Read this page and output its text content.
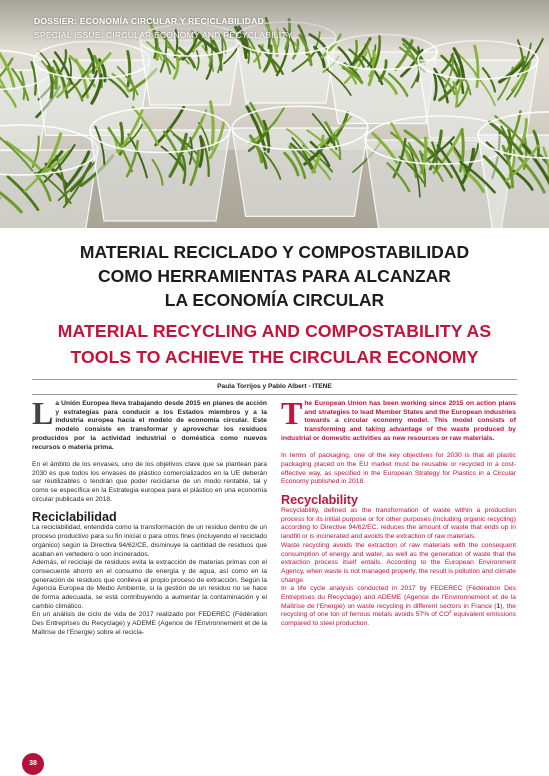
DOSSIER: ECONOMÍA CIRCULAR Y RECICLABILIDAD
SPECIAL ISSUE: CIRCULAR ECONOMY AND RECYCLABILITY
MATERIAL RECICLADO Y COMPOSTABILIDAD
COMO HERRAMIENTAS PARA ALCANZAR
LA ECONOMÍA CIRCULAR
MATERIAL RECYCLING AND COMPOSTABILITY AS
TOOLS TO ACHIEVE THE CIRCULAR ECONOMY
Paula Torrijos y Pablo Albert - ITENE

La Unión Europea lleva trabajando desde 2015 en planes de acción y estrategias para conducir a los Estados miembros y a la industria europea hacia el modelo de economía circular. Este modelo consiste en transformar y aprovechar los residuos producidos por la actividad industrial o doméstica como nuevos recursos o materia prima.

En el ámbito de los envases, uno de los objetivos clave que se plantean para 2030 es que todos los envases de plástico comercializados en la UE deberán ser reutilizables o tendrán que poder reciclarse de un modo rentable, tal y como se específica en la Estrategia europea para el plástico en una economía circular publicada en 2018.

Reciclabilidad

La reciclabilidad, entendida como la transformación de un residuo dentro de un proceso productivo para su fin inicial o para otros fines (incluyendo el reciclado orgánico) según la Directiva 94/62/CE, disminuye la cantidad de residuos que acaban en vertedero o son incinerados.

Además, el reciclaje de residuos evita la extracción de materias primas con el consecuente ahorro en el consumo de energía y de agua, así como en la generación de residuos que conlleva el propio proceso de extracción. Según la Agencia Europea de Medio Ambiente, si la gestión de un residuo no se hace de forma adecuada, se está contribuyendo a aumentar la contaminación y el cambio climático.

En un análisis de ciclo de vida de 2017 realizado por FEDEREC (Fédération Des Entreprises du Recyclage) y ADEME (Agence de l'Environnement et de la Maîtrise de l'Energie) sobre el recicla-

The European Union has been working since 2015 on action plans and strategies to lead Member States and the European industries towards a circular economy model. This model consists of transforming and taking advantage of the waste produced by industrial or domestic activities as new resources or raw materials.

In terms of packaging, one of the key objectives for 2030 is that all plastic packaging placed on the EU market must be reusable or recycled in a cost-effective way, as specified in the European Strategy for Plastics in a Circular Economy published in 2018.

Recyclability

Recyclability, defined as the transformation of waste within a production process for its initial purpose or for other purposes (including organic recycling) according to Directive 94/62/EC, reduces the amount of waste that ends up in landfill or is incinerated and avoids the extraction of raw materials.

Waste recycling avoids the extraction of raw materials with the consequent consumption of energy and water, as well as the generation of waste that the extraction process itself entails. According to the European Environment Agency, when waste is not managed properly, the result is pollution and climate change.

In a life cycle analysis conducted in 2017 by FEDEREC (Fédération Des Entreprises du Recyclage) and ADEME (Agence de l'Environnement et de la Maîtrise de l'Energie) on waste recycling in different sectors in France (1), the recycling of one ton of ferrous metals avoids 57% of $CO^2$ equivalent emissions compared to steel production.

38
